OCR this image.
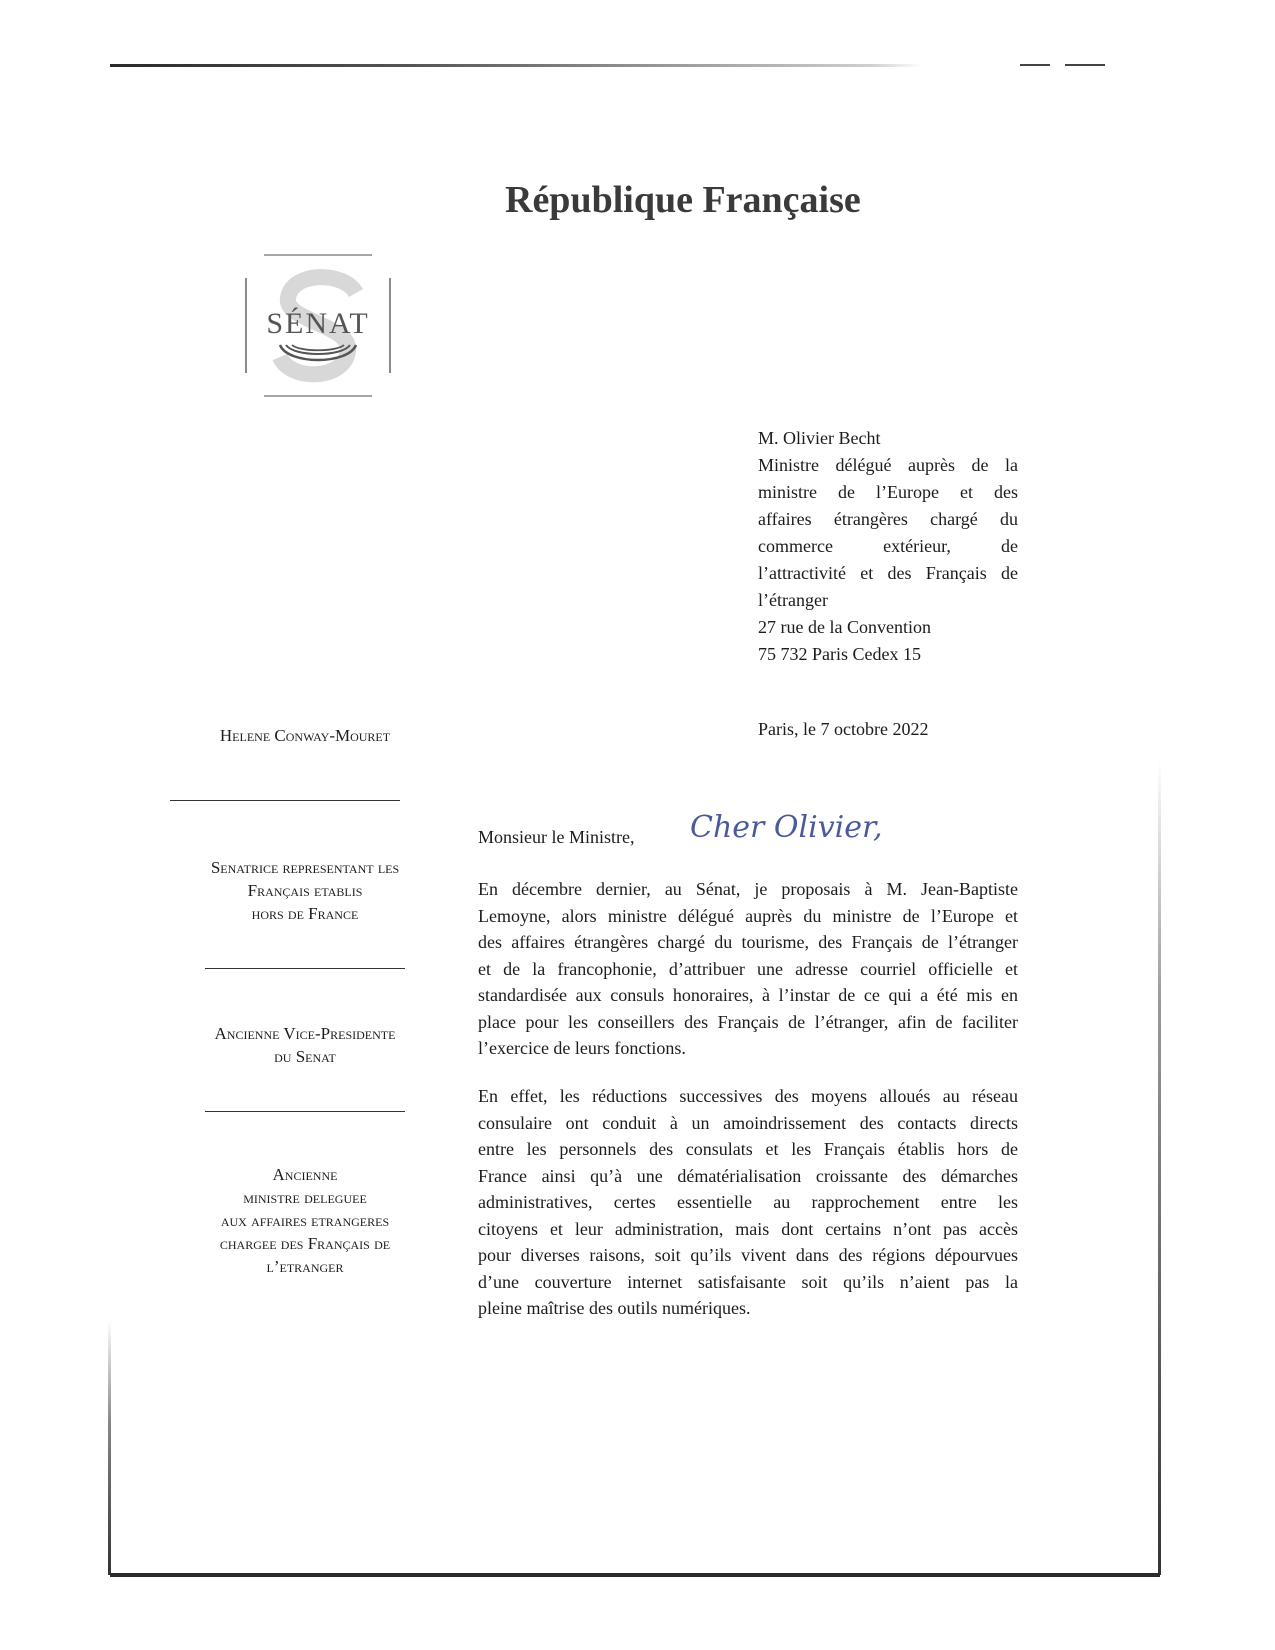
République Française
SÉNAT
M. Olivier Becht
Ministre délégué auprès de la
ministre de l’Europe et des
affaires étrangères chargé du
commerce extérieur, de
l’attractivité et des Français de
l’étranger
27 rue de la Convention
75 732 Paris Cedex 15
Paris, le 7 octobre 2022
Helene Conway-Mouret
Senatrice representant les
Français etablis
hors de France
Ancienne Vice-Presidente
du Senat
Ancienne
ministre deleguee
aux affaires etrangeres
chargee des Français de
l’etranger
Monsieur le Ministre, Cher Olivier,
En décembre dernier, au Sénat, je proposais à M. Jean-Baptiste
Lemoyne, alors ministre délégué auprès du ministre de l’Europe et
des affaires étrangères chargé du tourisme, des Français de l’étranger
et de la francophonie, d’attribuer une adresse courriel officielle et
standardisée aux consuls honoraires, à l’instar de ce qui a été mis en
place pour les conseillers des Français de l’étranger, afin de faciliter
l’exercice de leurs fonctions.
En effet, les réductions successives des moyens alloués au réseau
consulaire ont conduit à un amoindrissement des contacts directs
entre les personnels des consulats et les Français établis hors de
France ainsi qu’à une dématérialisation croissante des démarches
administratives, certes essentielle au rapprochement entre les
citoyens et leur administration, mais dont certains n’ont pas accès
pour diverses raisons, soit qu’ils vivent dans des régions dépourvues
d’une couverture internet satisfaisante soit qu’ils n’aient pas la
pleine maîtrise des outils numériques.
